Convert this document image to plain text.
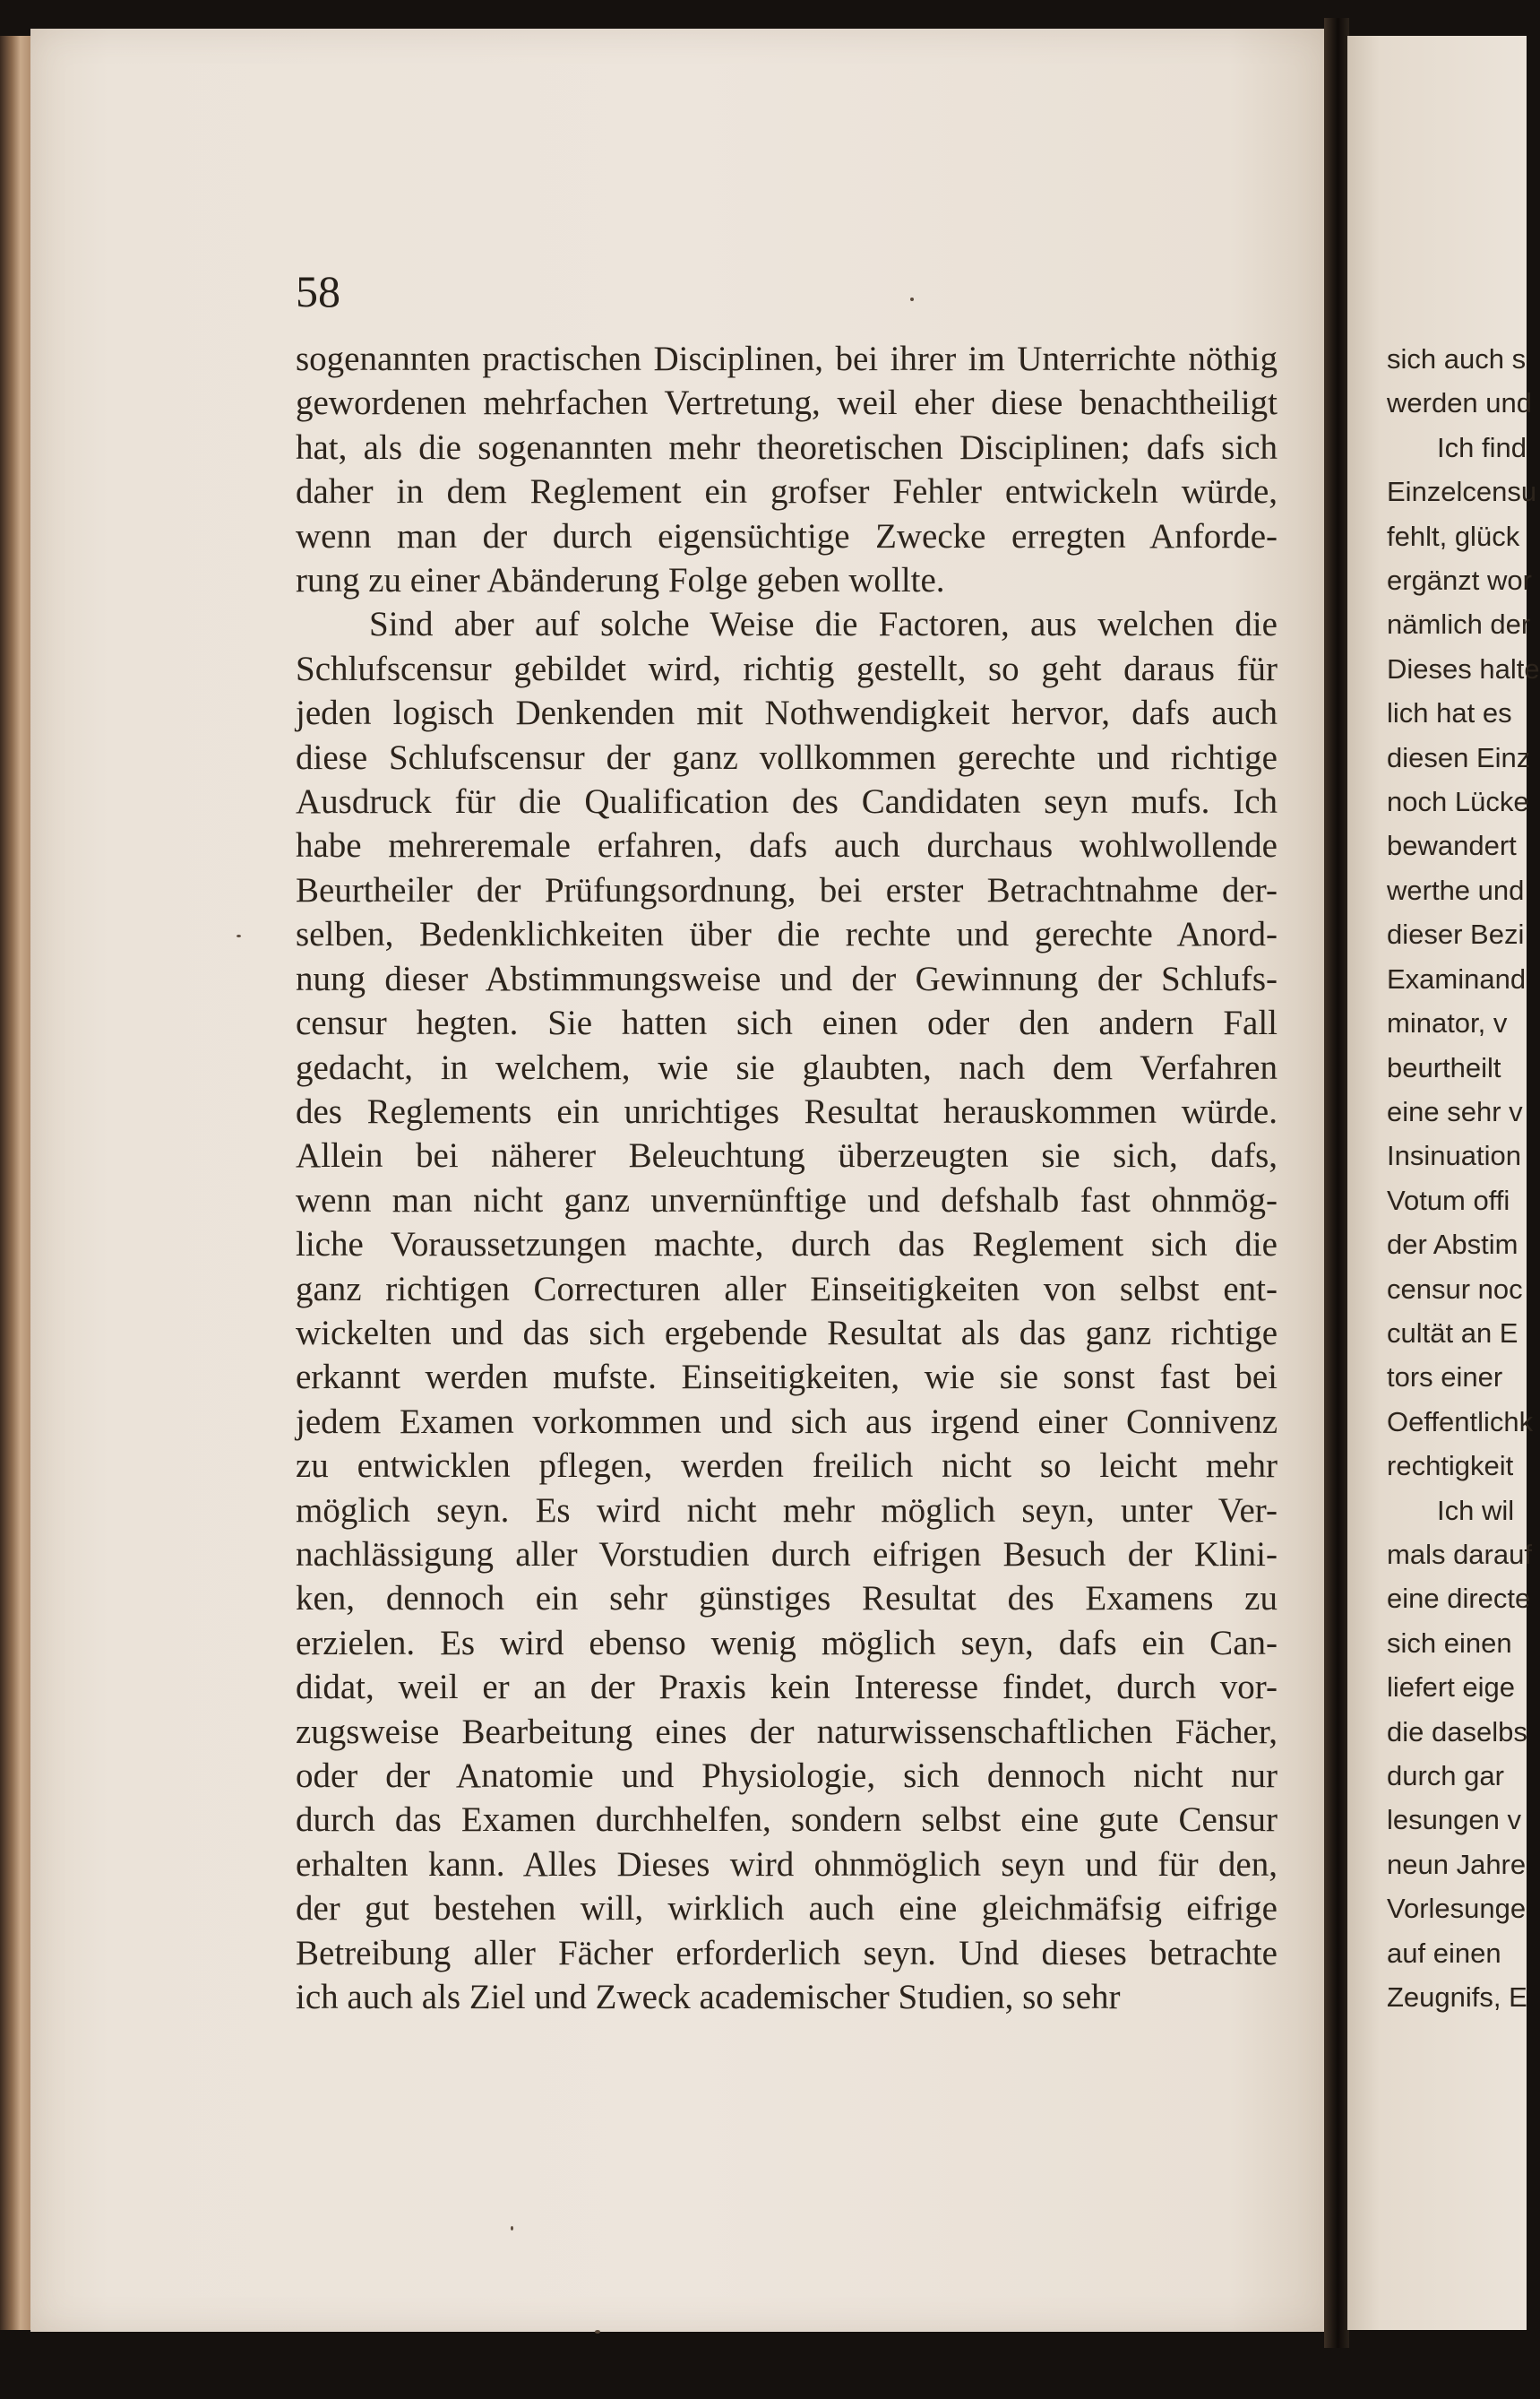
58
sogenannten practischen Disciplinen, bei ihrer im Unterrichte nöthig
gewordenen mehrfachen Vertretung, weil eher diese benachtheiligt
hat, als die sogenannten mehr theoretischen Disciplinen; dafs sich
daher in dem Reglement ein grofser Fehler entwickeln würde,
wenn man der durch eigensüchtige Zwecke erregten Anforde-
rung zu einer Abänderung Folge geben wollte.
Sind aber auf solche Weise die Factoren, aus welchen die
Schlufscensur gebildet wird, richtig gestellt, so geht daraus für
jeden logisch Denkenden mit Nothwendigkeit hervor, dafs auch
diese Schlufscensur der ganz vollkommen gerechte und richtige
Ausdruck für die Qualification des Candidaten seyn mufs. Ich
habe mehreremale erfahren, dafs auch durchaus wohlwollende
Beurtheiler der Prüfungsordnung, bei erster Betrachtnahme der-
selben, Bedenklichkeiten über die rechte und gerechte Anord-
nung dieser Abstimmungsweise und der Gewinnung der Schlufs-
censur hegten. Sie hatten sich einen oder den andern Fall
gedacht, in welchem, wie sie glaubten, nach dem Verfahren
des Reglements ein unrichtiges Resultat herauskommen würde.
Allein bei näherer Beleuchtung überzeugten sie sich, dafs,
wenn man nicht ganz unvernünftige und defshalb fast ohnmög-
liche Voraussetzungen machte, durch das Reglement sich die
ganz richtigen Correcturen aller Einseitigkeiten von selbst ent-
wickelten und das sich ergebende Resultat als das ganz richtige
erkannt werden mufste. Einseitigkeiten, wie sie sonst fast bei
jedem Examen vorkommen und sich aus irgend einer Connivenz
zu entwicklen pflegen, werden freilich nicht so leicht mehr
möglich seyn. Es wird nicht mehr möglich seyn, unter Ver-
nachlässigung aller Vorstudien durch eifrigen Besuch der Klini-
ken, dennoch ein sehr günstiges Resultat des Examens zu
erzielen. Es wird ebenso wenig möglich seyn, dafs ein Can-
didat, weil er an der Praxis kein Interesse findet, durch vor-
zugsweise Bearbeitung eines der naturwissenschaftlichen Fächer,
oder der Anatomie und Physiologie, sich dennoch nicht nur
durch das Examen durchhelfen, sondern selbst eine gute Censur
erhalten kann. Alles Dieses wird ohnmöglich seyn und für den,
der gut bestehen will, wirklich auch eine gleichmäfsig eifrige
Betreibung aller Fächer erforderlich seyn. Und dieses betrachte
ich auch als Ziel und Zweck academischer Studien, so sehr
sich auch s
werden und
Ich find
Einzelcensu
fehlt, glück
ergänzt wor
nämlich der
Dieses halte
lich hat es
diesen Einz
noch Lücke
bewandert
werthe und
dieser Bezi
Examinand
minator, v
beurtheilt
eine sehr v
Insinuation
Votum offi
der Abstim
censur noc
cultät an E
tors einer
Oeffentlichk
rechtigkeit
Ich wil
mals darauf
eine directe
sich einen
liefert eige
die daselbs
durch gar
lesungen v
neun Jahre
Vorlesunge
auf einen
Zeugnifs, E
